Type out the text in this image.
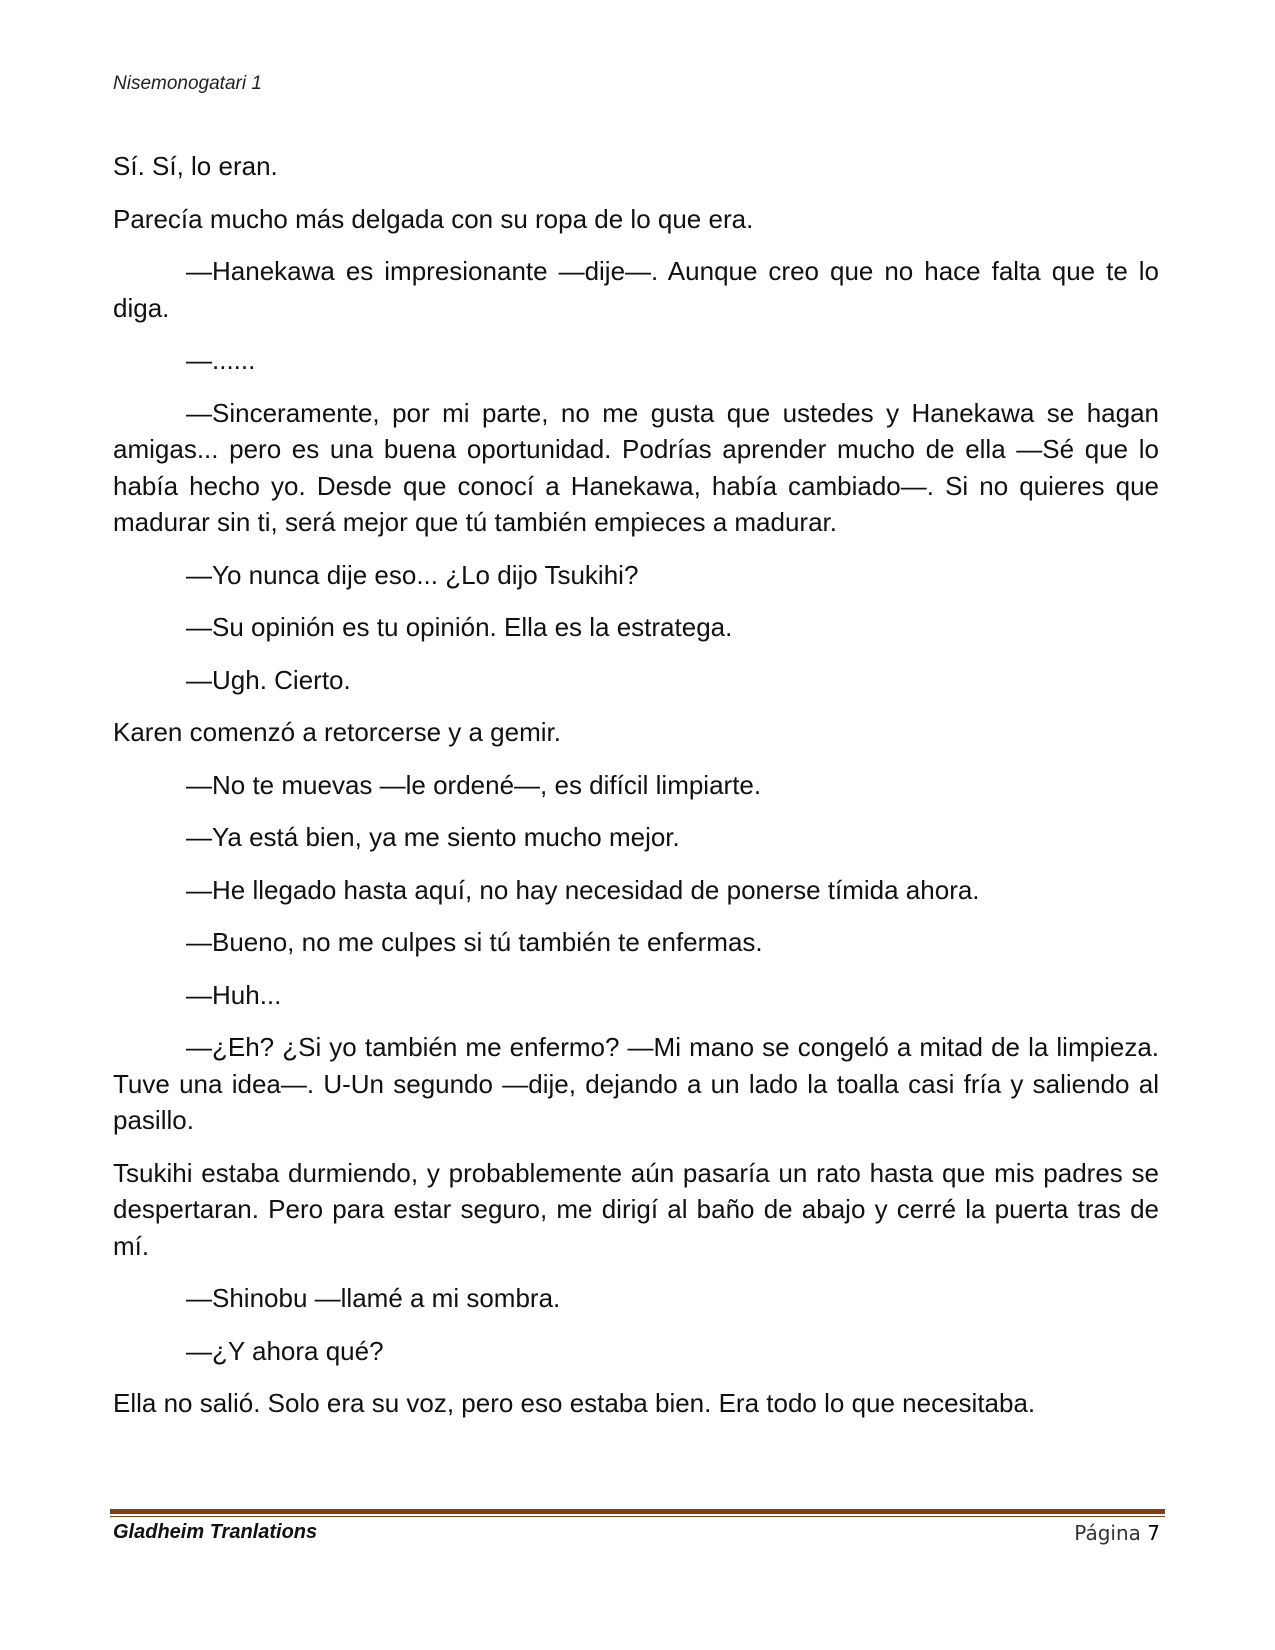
Nisemonogatari 1

Sí. Sí, lo eran.

Parecía mucho más delgada con su ropa de lo que era.

—Hanekawa es impresionante —dije—. Aunque creo que no hace falta que te lo diga.

—......

—Sinceramente, por mi parte, no me gusta que ustedes y Hanekawa se hagan amigas... pero es una buena oportunidad. Podrías aprender mucho de ella —Sé que lo había hecho yo. Desde que conocí a Hanekawa, había cambiado—. Si no quieres que madurar sin ti, será mejor que tú también empieces a madurar.

—Yo nunca dije eso... ¿Lo dijo Tsukihi?

—Su opinión es tu opinión. Ella es la estratega.

—Ugh. Cierto.

Karen comenzó a retorcerse y a gemir.

—No te muevas —le ordené—, es difícil limpiarte.

—Ya está bien, ya me siento mucho mejor.

—He llegado hasta aquí, no hay necesidad de ponerse tímida ahora.

—Bueno, no me culpes si tú también te enfermas.

—Huh...

—¿Eh? ¿Si yo también me enfermo? —Mi mano se congeló a mitad de la limpieza. Tuve una idea—. U-Un segundo —dije, dejando a un lado la toalla casi fría y saliendo al pasillo.

Tsukihi estaba durmiendo, y probablemente aún pasaría un rato hasta que mis padres se despertaran. Pero para estar seguro, me dirigí al baño de abajo y cerré la puerta tras de mí.

—Shinobu —llamé a mi sombra.

—¿Y ahora qué?

Ella no salió. Solo era su voz, pero eso estaba bien. Era todo lo que necesitaba.

Gladheim Tranlations	Página 7
